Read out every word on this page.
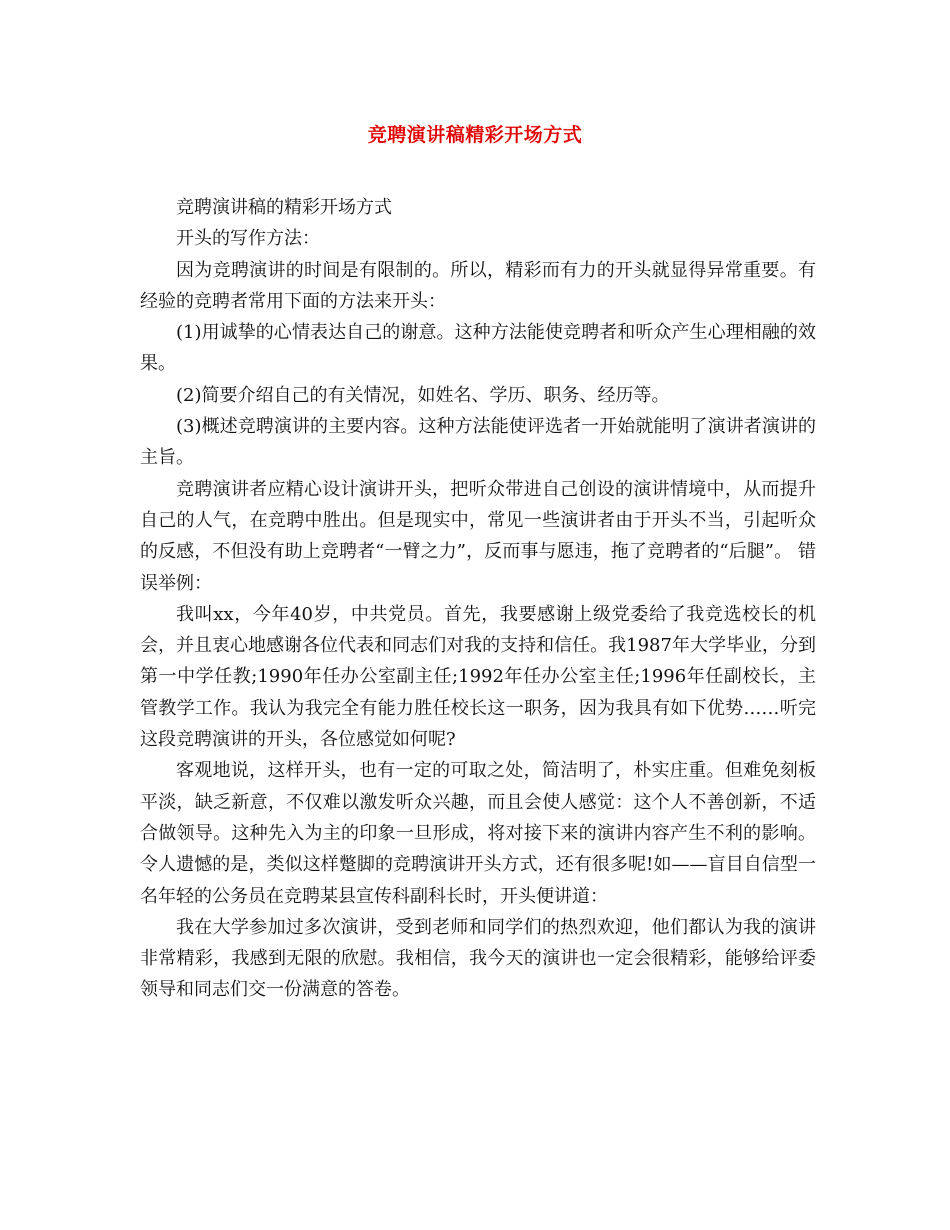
竞聘演讲稿精彩开场方式

竞聘演讲稿的精彩开场方式

开头的写作方法：

因为竞聘演讲的时间是有限制的。所以，精彩而有力的开头就显得异常重要。有经验的竞聘者常用下面的方法来开头：

(1)用诚挚的心情表达自己的谢意。这种方法能使竞聘者和听众产生心理相融的效果。

(2)简要介绍自己的有关情况，如姓名、学历、职务、经历等。

(3)概述竞聘演讲的主要内容。这种方法能使评选者一开始就能明了演讲者演讲的主旨。

竞聘演讲者应精心设计演讲开头，把听众带进自己创设的演讲情境中，从而提升自己的人气，在竞聘中胜出。但是现实中，常见一些演讲者由于开头不当，引起听众的反感，不但没有助上竞聘者“一臂之力”，反而事与愿违，拖了竞聘者的“后腿”。 错误举例：

我叫xx，今年40岁，中共党员。首先，我要感谢上级党委给了我竞选校长的机会，并且衷心地感谢各位代表和同志们对我的支持和信任。我1987年大学毕业，分到第一中学任教;1990年任办公室副主任;1992年任办公室主任;1996年任副校长，主管教学工作。我认为我完全有能力胜任校长这一职务，因为我具有如下优势……听完这段竞聘演讲的开头，各位感觉如何呢?

客观地说，这样开头，也有一定的可取之处，简洁明了，朴实庄重。但难免刻板平淡，缺乏新意，不仅难以激发听众兴趣，而且会使人感觉：这个人不善创新，不适合做领导。这种先入为主的印象一旦形成，将对接下来的演讲内容产生不利的影响。 令人遗憾的是，类似这样蹩脚的竞聘演讲开头方式，还有很多呢!如——盲目自信型一名年轻的公务员在竞聘某县宣传科副科长时，开头便讲道：

我在大学参加过多次演讲，受到老师和同学们的热烈欢迎，他们都认为我的演讲非常精彩，我感到无限的欣慰。我相信，我今天的演讲也一定会很精彩，能够给评委领导和同志们交一份满意的答卷。
